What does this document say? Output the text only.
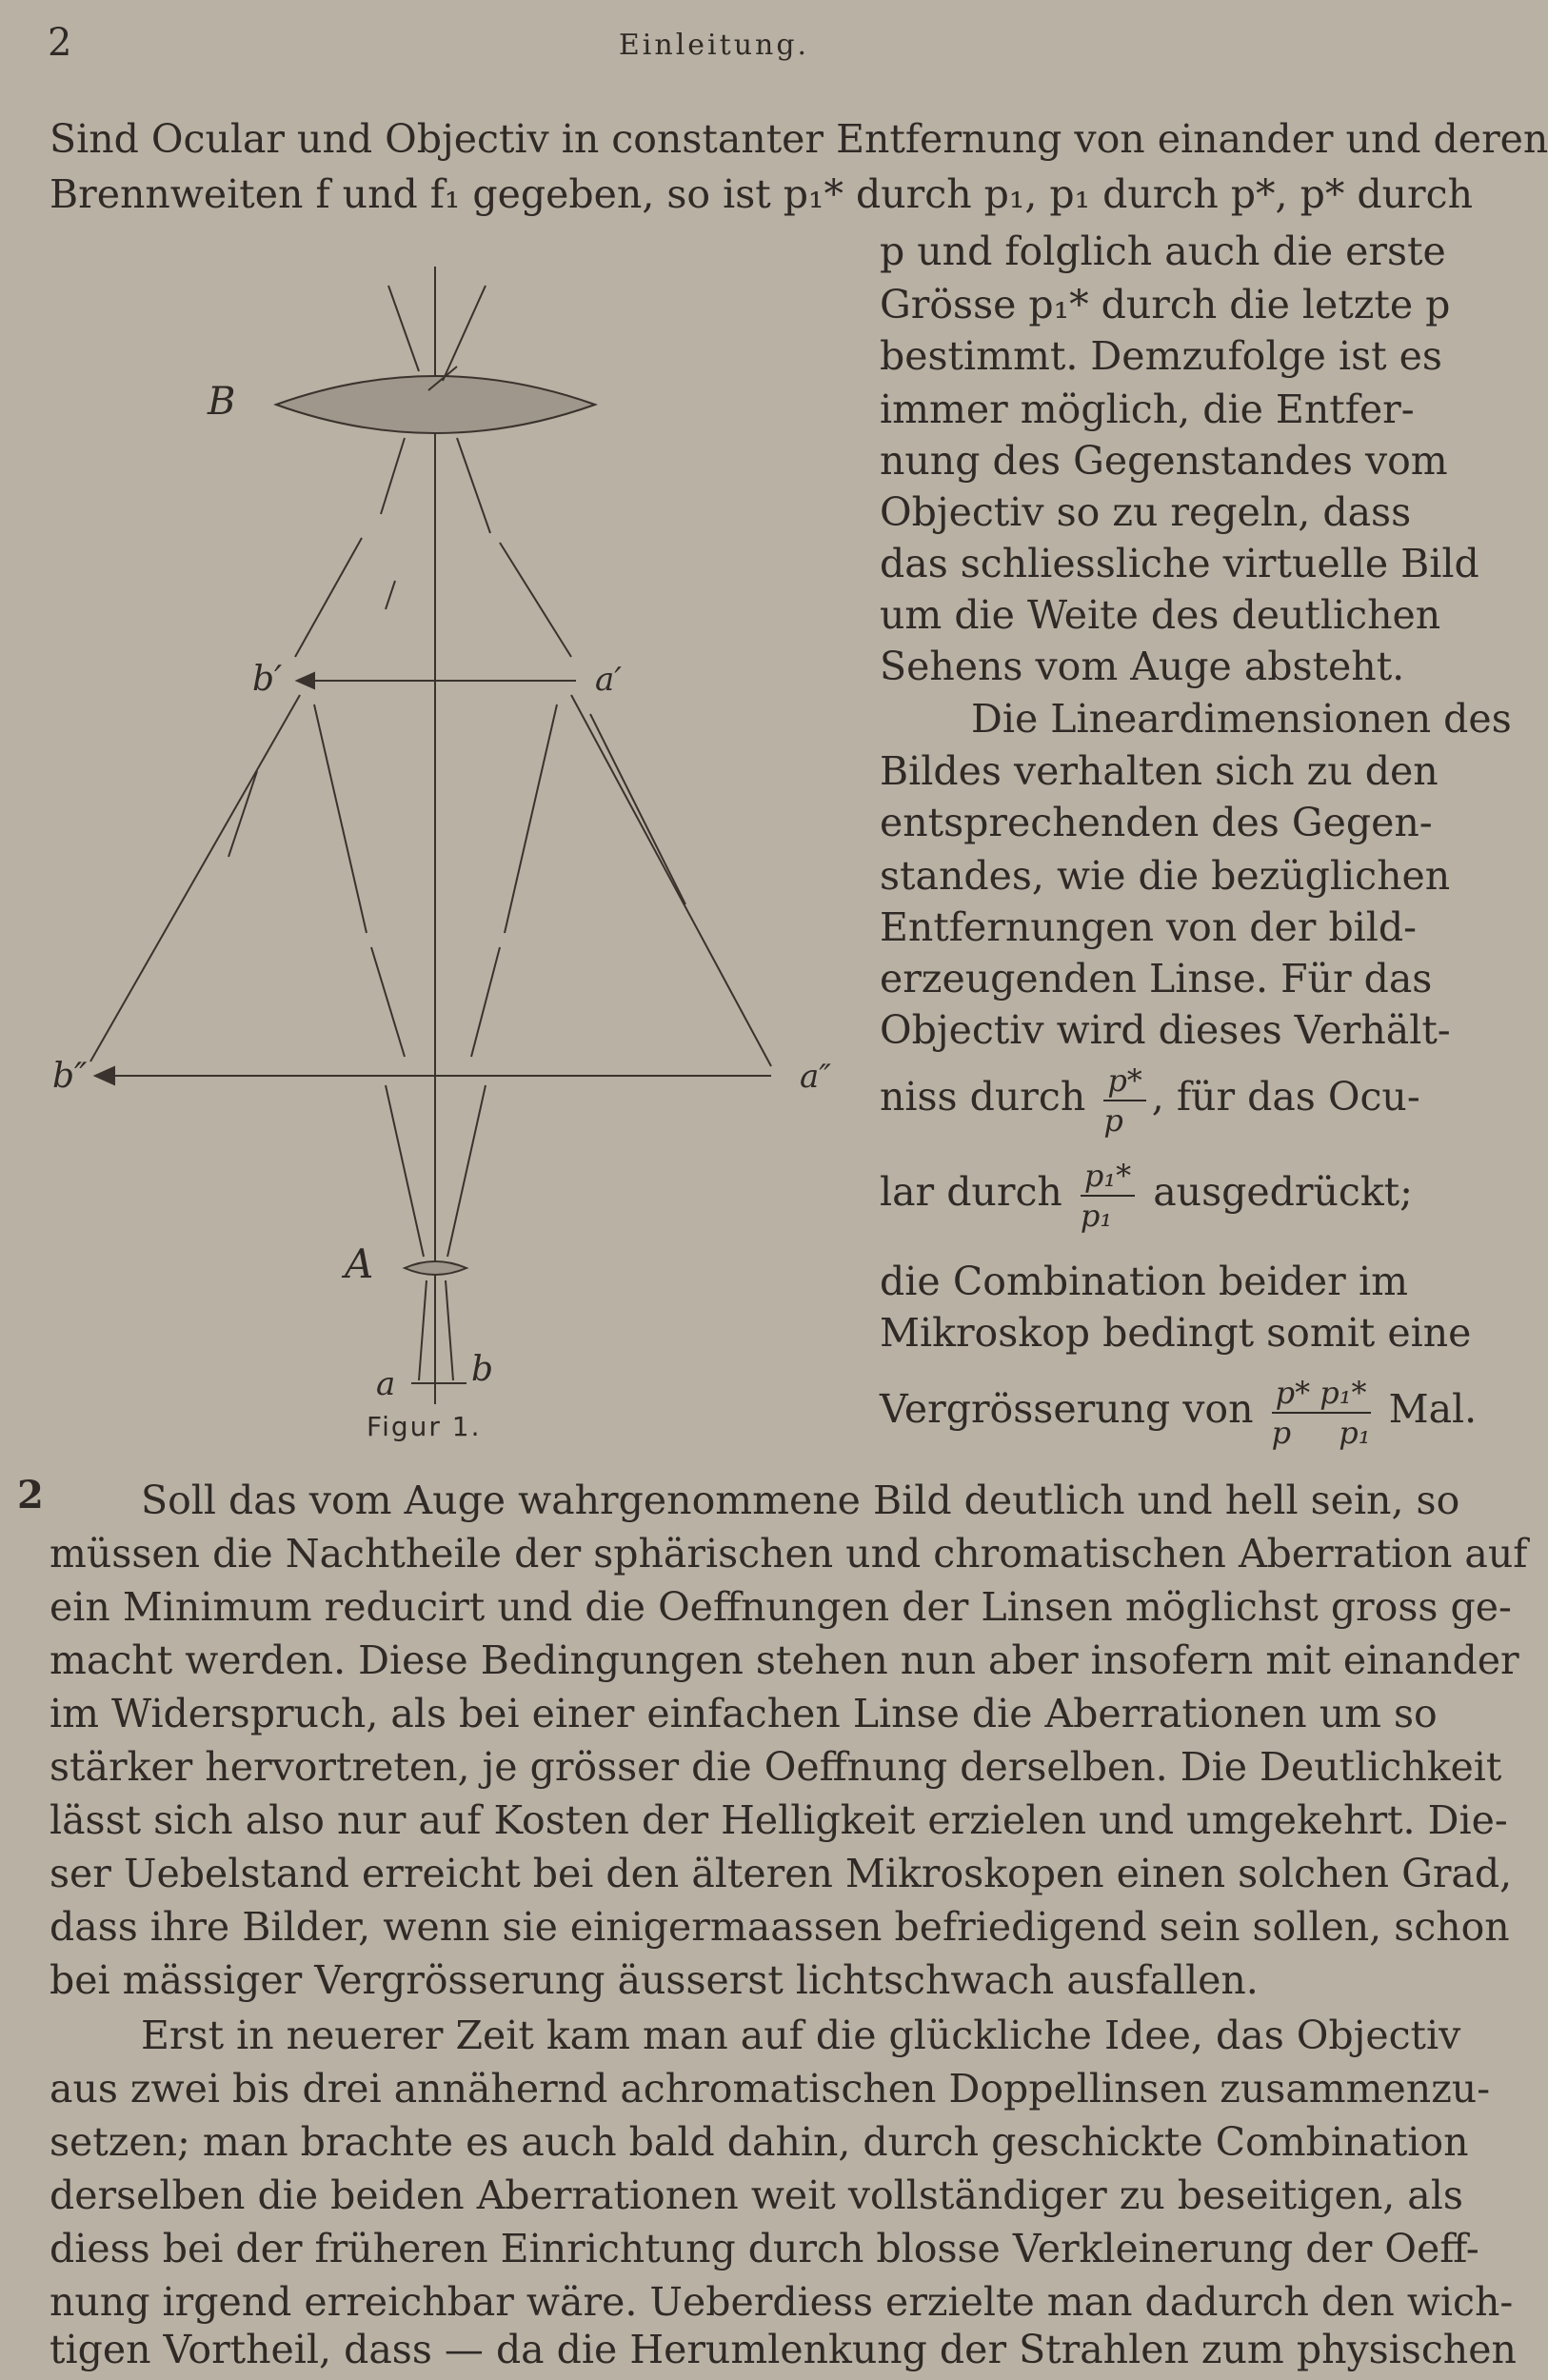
2	Einleitung.
Sind Ocular und Objectiv in constanter Entfernung von einander und deren
Brennweiten f und f₁ gegeben, so ist p₁* durch p₁, p₁ durch p*, p* durch
p und folglich auch die erste
Grösse p₁* durch die letzte p
bestimmt. Demzufolge ist es
immer möglich, die Entfer-
nung des Gegenstandes vom
Objectiv so zu regeln, dass
das schliessliche virtuelle Bild
um die Weite des deutlichen
Sehens vom Auge absteht.
Die Lineardimensionen des
Bildes verhalten sich zu den
entsprechenden des Gegen-
standes, wie die bezüglichen
Entfernungen von der bild-
erzeugenden Linse. Für das
Objectiv wird dieses Verhält-
niss durch $\frac{p*}{p}$ , für das Ocu-
lar durch $\frac{\text{p₁*}}{\text{p₁}}$ ausgedrückt;
die Combination beider im
Mikroskop bedingt somit eine
Vergrösserung von $\frac{\text{p* p₁*}}{\text{p p₁}}$ Mal.
B
b′	a′
b″	a″
A
a b
Figur 1.
2	Soll das vom Auge wahrgenommene Bild deutlich und hell sein, so
müssen die Nachtheile der sphärischen und chromatischen Aberration auf
ein Minimum reducirt und die Oeffnungen der Linsen möglichst gross ge-
macht werden. Diese Bedingungen stehen nun aber insofern mit einander
im Widerspruch, als bei einer einfachen Linse die Aberrationen um so
stärker hervortreten, je grösser die Oeffnung derselben. Die Deutlichkeit
lässt sich also nur auf Kosten der Helligkeit erzielen und umgekehrt. Die-
ser Uebelstand erreicht bei den älteren Mikroskopen einen solchen Grad,
dass ihre Bilder, wenn sie einigermaassen befriedigend sein sollen, schon
bei mässiger Vergrösserung äusserst lichtschwach ausfallen.
Erst in neuerer Zeit kam man auf die glückliche Idee, das Objectiv
aus zwei bis drei annähernd achromatischen Doppellinsen zusammenzu-
setzen; man brachte es auch bald dahin, durch geschickte Combination
derselben die beiden Aberrationen weit vollständiger zu beseitigen, als
diess bei der früheren Einrichtung durch blosse Verkleinerung der Oeff-
nung irgend erreichbar wäre. Ueberdiess erzielte man dadurch den wich-
tigen Vortheil, dass — da die Herumlenkung der Strahlen zum physischen
